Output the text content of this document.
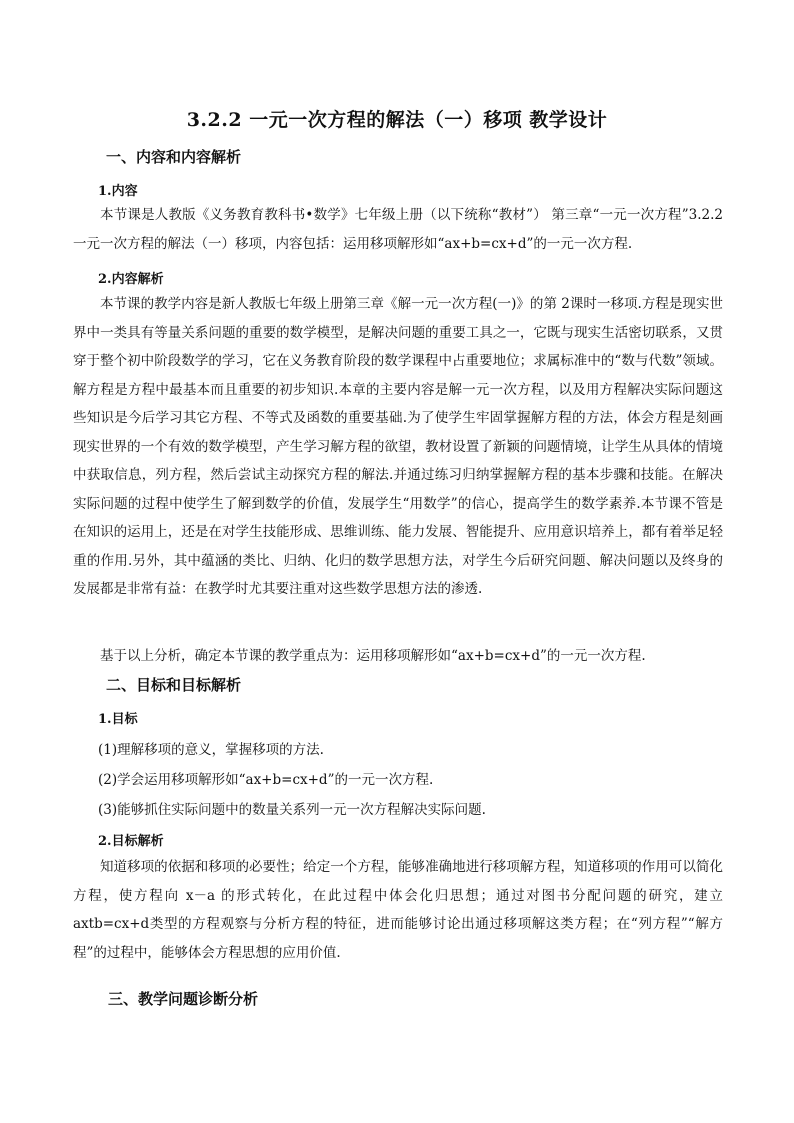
3.2.2 一元一次方程的解法（一）移项 教学设计
一、内容和内容解析
1.内容

本节课是人教版《义务教育教科书•数学》七年级上册（以下统称“教材”） 第三章“一元一次方程”3.2.2一元一次方程的解法（一）移项，内容包括：运用移项解形如“ax+b=cx+d”的一元一次方程.

2.内容解析

本节课的教学内容是新人教版七年级上册第三章《解一元一次方程(一)》的第 2课时一移项.方程是现实世界中一类具有等量关系问题的重要的数学模型，是解决问题的重要工具之一，它既与现实生活密切联系，又贯穿于整个初中阶段数学的学习，它在义务教育阶段的数学课程中占重要地位；求属标准中的“数与代数”领域。解方程是方程中最基本而且重要的初步知识.本章的主要内容是解一元一次方程，以及用方程解决实际问题这些知识是今后学习其它方程、不等式及函数的重要基础.为了使学生牢固掌握解方程的方法，体会方程是刻画现实世界的一个有效的数学模型，产生学习解方程的欲望，教材设置了新颖的问题情境，让学生从具体的情境中获取信息，列方程，然后尝试主动探究方程的解法.并通过练习归纳掌握解方程的基本步骤和技能。在解决实际问题的过程中使学生了解到数学的价值，发展学生“用数学”的信心，提高学生的数学素养.本节课不管是在知识的运用上，还是在对学生技能形成、思维训练、能力发展、智能提升、应用意识培养上，都有着举足轻重的作用.另外，其中蕴涵的类比、归纳、化归的数学思想方法，对学生今后研究问题、解决问题以及终身的发展都是非常有益：在教学时尤其要注重对这些数学思想方法的渗透.

基于以上分析，确定本节课的教学重点为：运用移项解形如“ax+b=cx+d”的一元一次方程.

二、目标和目标解析
1.目标
(1)理解移项的意义，掌握移项的方法.
(2)学会运用移项解形如“ax+b=cx+d”的一元一次方程.
(3)能够抓住实际问题中的数量关系列一元一次方程解决实际问题.
2.目标解析

知道移项的依据和移项的必要性；给定一个方程，能够准确地进行移项解方程，知道移项的作用可以简化方程，使方程向 x－a 的形式转化，在此过程中体会化归思想；通过对图书分配问题的研究，建立axtb=cx+d类型的方程观察与分析方程的特征，进而能够讨论出通过移项解这类方程；在“列方程”“解方程”的过程中，能够体会方程思想的应用价值.

三、教学问题诊断分析
